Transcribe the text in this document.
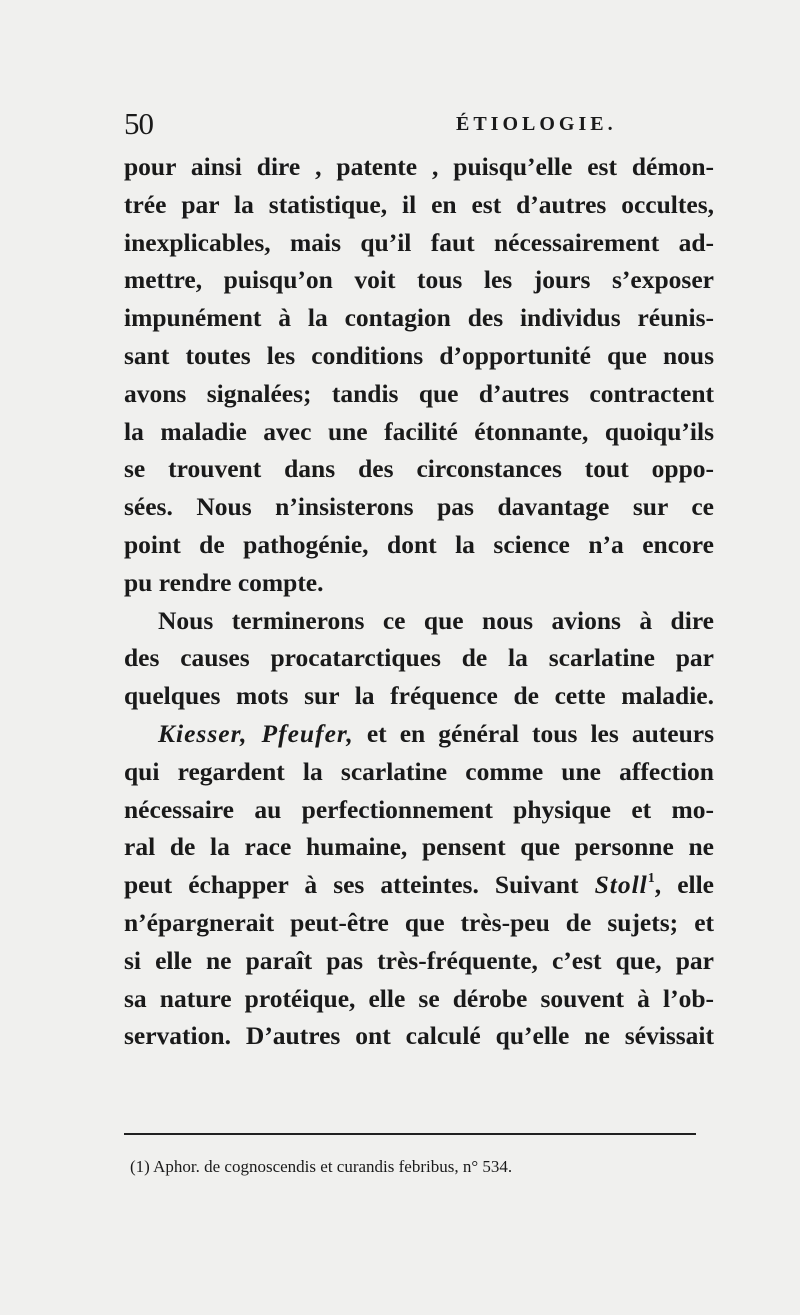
50	ÉTIOLOGIE.
pour ainsi dire , patente , puisqu’elle est démon-
trée par la statistique, il en est d’autres occultes,
inexplicables, mais qu’il faut nécessairement ad-
mettre, puisqu’on voit tous les jours s’exposer
impunément à la contagion des individus réunis-
sant toutes les conditions d’opportunité que nous
avons signalées; tandis que d’autres contractent
la maladie avec une facilité étonnante, quoiqu’ils
se trouvent dans des circonstances tout oppo-
sées. Nous n’insisterons pas davantage sur ce
point de pathogénie, dont la science n’a encore
pu rendre compte.
Nous terminerons ce que nous avions à dire
des causes procatarctiques de la scarlatine par
quelques mots sur la fréquence de cette maladie.
Kiesser, Pfeufer, et en général tous les auteurs
qui regardent la scarlatine comme une affection
nécessaire au perfectionnement physique et mo-
ral de la race humaine, pensent que personne ne
peut échapper à ses atteintes. Suivant Stoll$^1$, elle
n’épargnerait peut-être que très-peu de sujets; et
si elle ne paraît pas très-fréquente, c’est que, par
sa nature protéique, elle se dérobe souvent à l’ob-
servation. D’autres ont calculé qu’elle ne sévissait
(1) Aphor. de cognoscendis et curandis febribus, n° 534.
